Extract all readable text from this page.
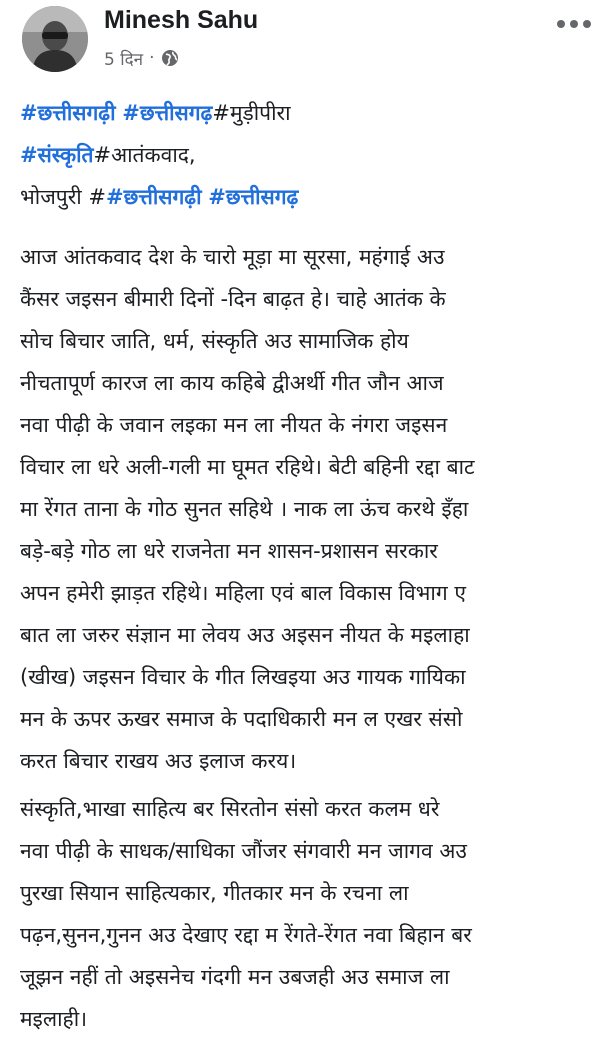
Minesh Sahu
5 दिन ·
#छत्तीसगढ़ी #छत्तीसगढ़#मुड़ीपीरा
#संस्कृति#आतंकवाद,
भोजपुरी ##छत्तीसगढ़ी #छत्तीसगढ़
आज आंतकवाद देश के चारो मूड़ा मा सूरसा, महंगाई अउ
कैंसर जइसन बीमारी दिनों -दिन बाढ़त हे। चाहे आतंक के
सोच बिचार जाति, धर्म, संस्कृति अउ सामाजिक होय
नीचतापूर्ण कारज ला काय कहिबे द्वीअर्थी गीत जौन आज
नवा पीढ़ी के जवान लइका मन ला नीयत के नंगरा जइसन
विचार ला धरे अली-गली मा घूमत रहिथे। बेटी बहिनी रद्दा बाट
मा रेंगत ताना के गोठ सुनत सहिथे । नाक ला ऊंच करथे इँहा
बड़े-बड़े गोठ ला धरे राजनेता मन शासन-प्रशासन सरकार
अपन हमेरी झाड़त रहिथे। महिला एवं बाल विकास विभाग ए
बात ला जरुर संज्ञान मा लेवय अउ अइसन नीयत के मइलाहा
(खीख) जइसन विचार के गीत लिखइया अउ गायक गायिका
मन के ऊपर ऊखर समाज के पदाधिकारी मन ल एखर संसो
करत बिचार राखय अउ इलाज करय।
संस्कृति,भाखा साहित्य बर सिरतोन संसो करत कलम धरे
नवा पीढ़ी के साधक/साधिका जौंजर संगवारी मन जागव अउ
पुरखा सियान साहित्यकार, गीतकार मन के रचना ला
पढ़न,सुनन,गुनन अउ देखाए रद्दा म रेंगते-रेंगत नवा बिहान बर
जूझन नहीं तो अइसनेच गंदगी मन उबजही अउ समाज ला
मइलाही।
